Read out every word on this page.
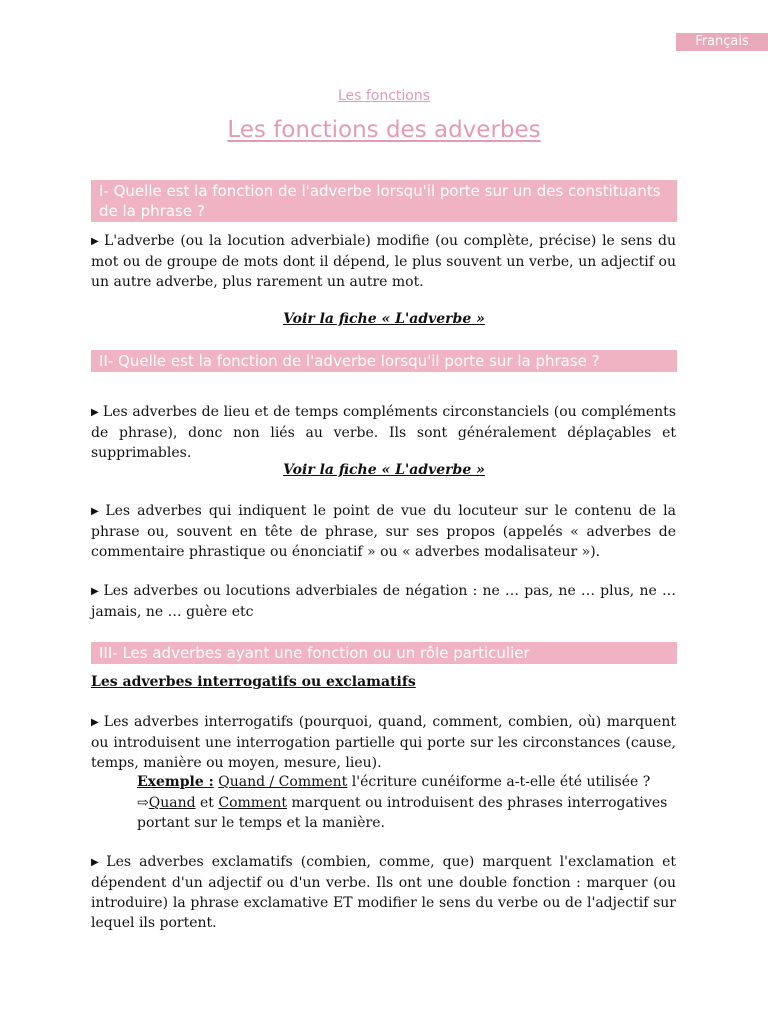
Français
Les fonctions
Les fonctions des adverbes
I- Quelle est la fonction de l'adverbe lorsqu'il porte sur un des constituants de la phrase ?
▶ L'adverbe (ou la locution adverbiale) modifie (ou complète, précise) le sens du mot ou de groupe de mots dont il dépend, le plus souvent un verbe, un adjectif ou un autre adverbe, plus rarement un autre mot.
Voir la fiche « L'adverbe »
II- Quelle est la fonction de l'adverbe lorsqu'il porte sur la phrase ?
▶ Les adverbes de lieu et de temps compléments circonstanciels (ou compléments de phrase), donc non liés au verbe. Ils sont généralement déplaçables et supprimables.
Voir la fiche « L'adverbe »
▶ Les adverbes qui indiquent le point de vue du locuteur sur le contenu de la phrase ou, souvent en tête de phrase, sur ses propos (appelés « adverbes de commentaire phrastique ou énonciatif » ou « adverbes modalisateur »).
▶ Les adverbes ou locutions adverbiales de négation : ne … pas, ne … plus, ne … jamais, ne … guère etc
III- Les adverbes ayant une fonction ou un rôle particulier
Les adverbes interrogatifs ou exclamatifs
▶ Les adverbes interrogatifs (pourquoi, quand, comment, combien, où) marquent ou introduisent une interrogation partielle qui porte sur les circonstances (cause, temps, manière ou moyen, mesure, lieu).
Exemple : Quand / Comment l'écriture cunéiforme a-t-elle été utilisée ?
⇨Quand et Comment marquent ou introduisent des phrases interrogatives portant sur le temps et la manière.
▶ Les adverbes exclamatifs (combien, comme, que) marquent l'exclamation et dépendent d'un adjectif ou d'un verbe. Ils ont une double fonction : marquer (ou introduire) la phrase exclamative ET modifier le sens du verbe ou de l'adjectif sur lequel ils portent.
